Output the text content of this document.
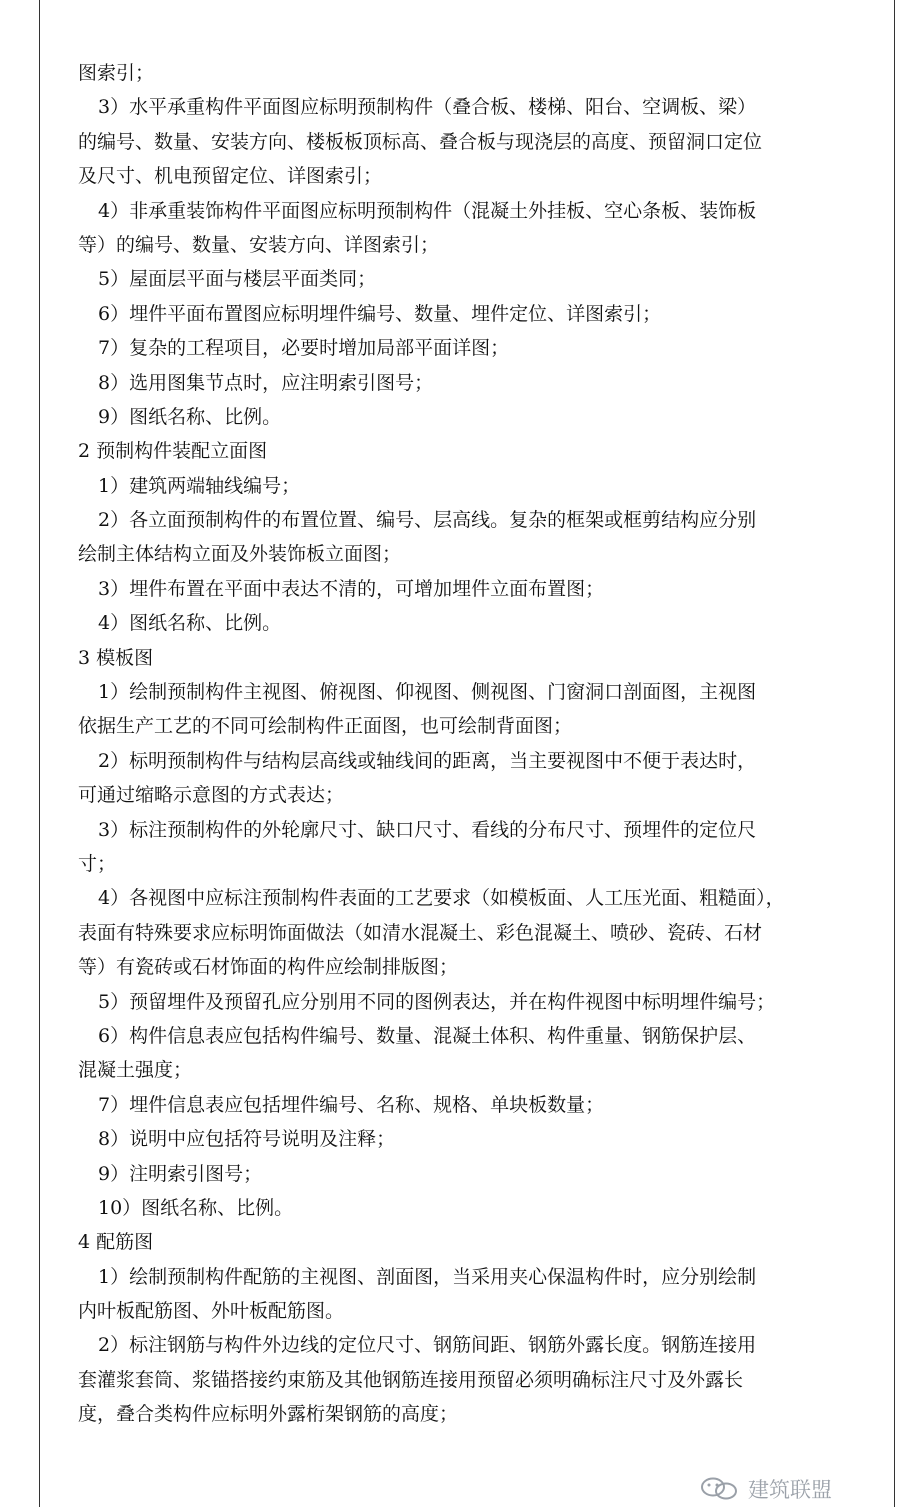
图索引；
3）水平承重构件平面图应标明预制构件（叠合板、楼梯、阳台、空调板、梁）
的编号、数量、安装方向、楼板板顶标高、叠合板与现浇层的高度、预留洞口定位
及尺寸、机电预留定位、详图索引；
4）非承重装饰构件平面图应标明预制构件（混凝土外挂板、空心条板、装饰板
等）的编号、数量、安装方向、详图索引；
5）屋面层平面与楼层平面类同；
6）埋件平面布置图应标明埋件编号、数量、埋件定位、详图索引；
7）复杂的工程项目，必要时增加局部平面详图；
8）选用图集节点时，应注明索引图号；
9）图纸名称、比例。
2 预制构件装配立面图
1）建筑两端轴线编号；
2）各立面预制构件的布置位置、编号、层高线。复杂的框架或框剪结构应分别
绘制主体结构立面及外装饰板立面图；
3）埋件布置在平面中表达不清的，可增加埋件立面布置图；
4）图纸名称、比例。
3 模板图
1）绘制预制构件主视图、俯视图、仰视图、侧视图、门窗洞口剖面图，主视图
依据生产工艺的不同可绘制构件正面图，也可绘制背面图；
2）标明预制构件与结构层高线或轴线间的距离，当主要视图中不便于表达时，
可通过缩略示意图的方式表达；
3）标注预制构件的外轮廓尺寸、缺口尺寸、看线的分布尺寸、预埋件的定位尺
寸；
4）各视图中应标注预制构件表面的工艺要求（如模板面、人工压光面、粗糙面），
表面有特殊要求应标明饰面做法（如清水混凝土、彩色混凝土、喷砂、瓷砖、石材
等）有瓷砖或石材饰面的构件应绘制排版图；
5）预留埋件及预留孔应分别用不同的图例表达，并在构件视图中标明埋件编号；
6）构件信息表应包括构件编号、数量、混凝土体积、构件重量、钢筋保护层、
混凝土强度；
7）埋件信息表应包括埋件编号、名称、规格、单块板数量；
8）说明中应包括符号说明及注释；
9）注明索引图号；
10）图纸名称、比例。
4 配筋图
1）绘制预制构件配筋的主视图、剖面图，当采用夹心保温构件时，应分别绘制
内叶板配筋图、外叶板配筋图。
2）标注钢筋与构件外边线的定位尺寸、钢筋间距、钢筋外露长度。钢筋连接用
套灌浆套筒、浆锚搭接约束筋及其他钢筋连接用预留必须明确标注尺寸及外露长
度，叠合类构件应标明外露桁架钢筋的高度；
建筑联盟
